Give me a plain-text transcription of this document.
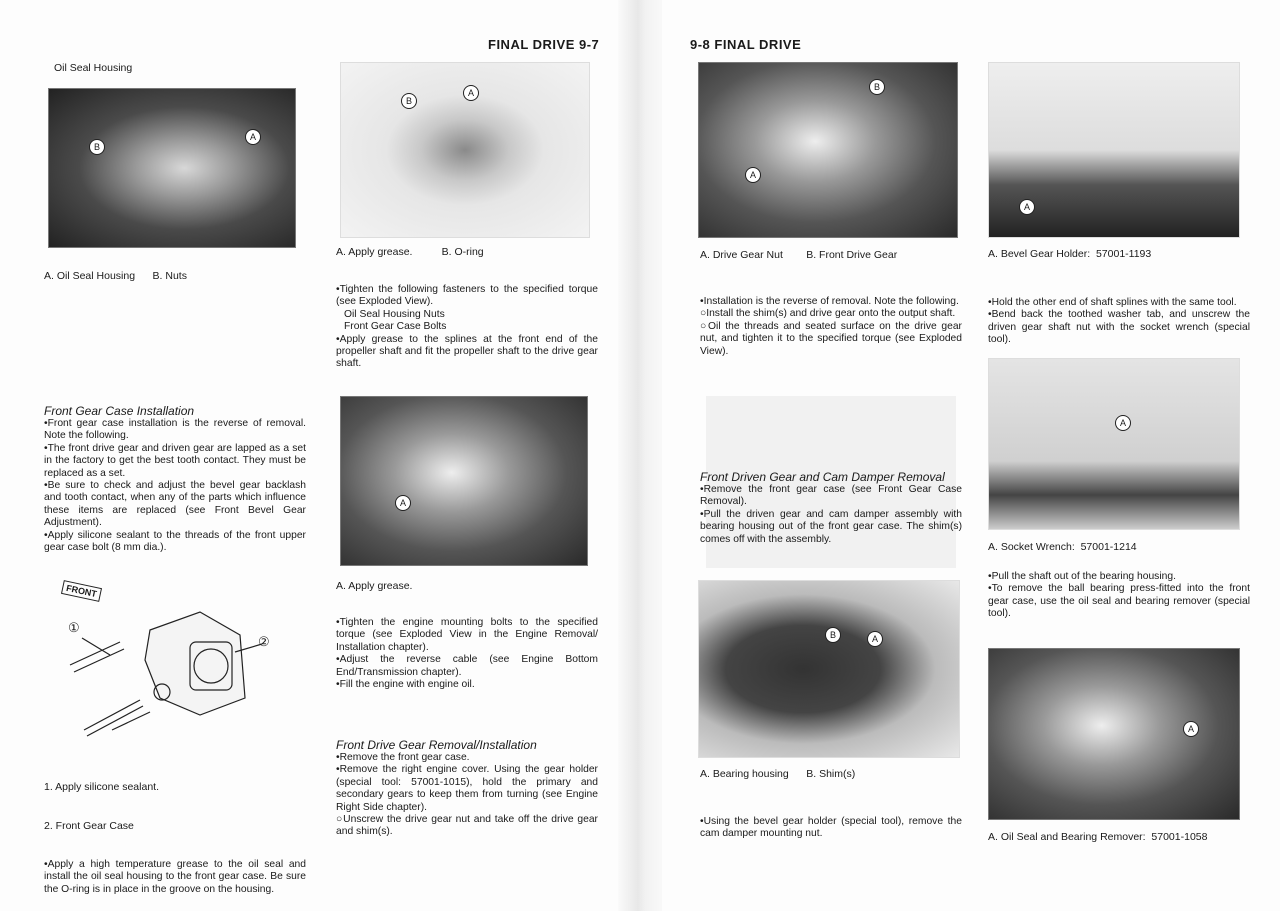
FINAL DRIVE 9-7
Oil Seal Housing
A
B
A. Oil Seal Housing      B. Nuts

Front Gear Case Installation

•Front gear case installation is the reverse of removal. Note the following.

•The front drive gear and driven gear are lapped as a set in the factory to get the best tooth contact. They must be replaced as a set.

•Be sure to check and adjust the bevel gear backlash and tooth contact, when any of the parts which influence these items are replaced (see Front Bevel Gear Adjustment).

•Apply silicone sealant to the threads of the front upper gear case bolt (8 mm dia.).

FRONT
①
②

1. Apply silicone sealant.

2. Front Gear Case

•Apply a high temperature grease to the oil seal and install the oil seal housing to the front gear case. Be sure the O-ring is in place in the groove on the housing.

B
A
A. Apply grease.          B. O-ring

•Tighten the following fasteners to the specified torque (see Exploded View).

Oil Seal Housing Nuts

Front Gear Case Bolts

•Apply grease to the splines at the front end of the propeller shaft and fit the propeller shaft to the drive gear shaft.

A
A. Apply grease.

•Tighten the engine mounting bolts to the specified torque (see Exploded View in the Engine Removal/ Installation chapter).

•Adjust the reverse cable (see Engine Bottom End/Transmission chapter).

•Fill the engine with engine oil.

Front Drive Gear Removal/Installation

•Remove the front gear case.

•Remove the right engine cover. Using the gear holder (special tool: 57001-1015), hold the primary and secondary gears to keep them from turning (see Engine Right Side chapter).

○Unscrew the drive gear nut and take off the drive gear and shim(s).

9-8 FINAL DRIVE
B
A
A. Drive Gear Nut        B. Front Drive Gear

•Installation is the reverse of removal. Note the following.

○Install the shim(s) and drive gear onto the output shaft.

○Oil the threads and seated surface on the drive gear nut, and tighten it to the specified torque (see Exploded View).

Front Driven Gear and Cam Damper Removal

•Remove the front gear case (see Front Gear Case Removal).

•Pull the driven gear and cam damper assembly with bearing housing out of the front gear case. The shim(s) comes off with the assembly.

B	A
A. Bearing housing      B. Shim(s)

•Using the bevel gear holder (special tool), remove the cam damper mounting nut.

A
A. Bevel Gear Holder:  57001-1193

•Hold the other end of shaft splines with the same tool.

•Bend back the toothed washer tab, and unscrew the driven gear shaft nut with the socket wrench (special tool).

A
A. Socket Wrench:  57001-1214

•Pull the shaft out of the bearing housing.

•To remove the ball bearing press-fitted into the front gear case, use the oil seal and bearing remover (special tool).

A
A. Oil Seal and Bearing Remover:  57001-1058
